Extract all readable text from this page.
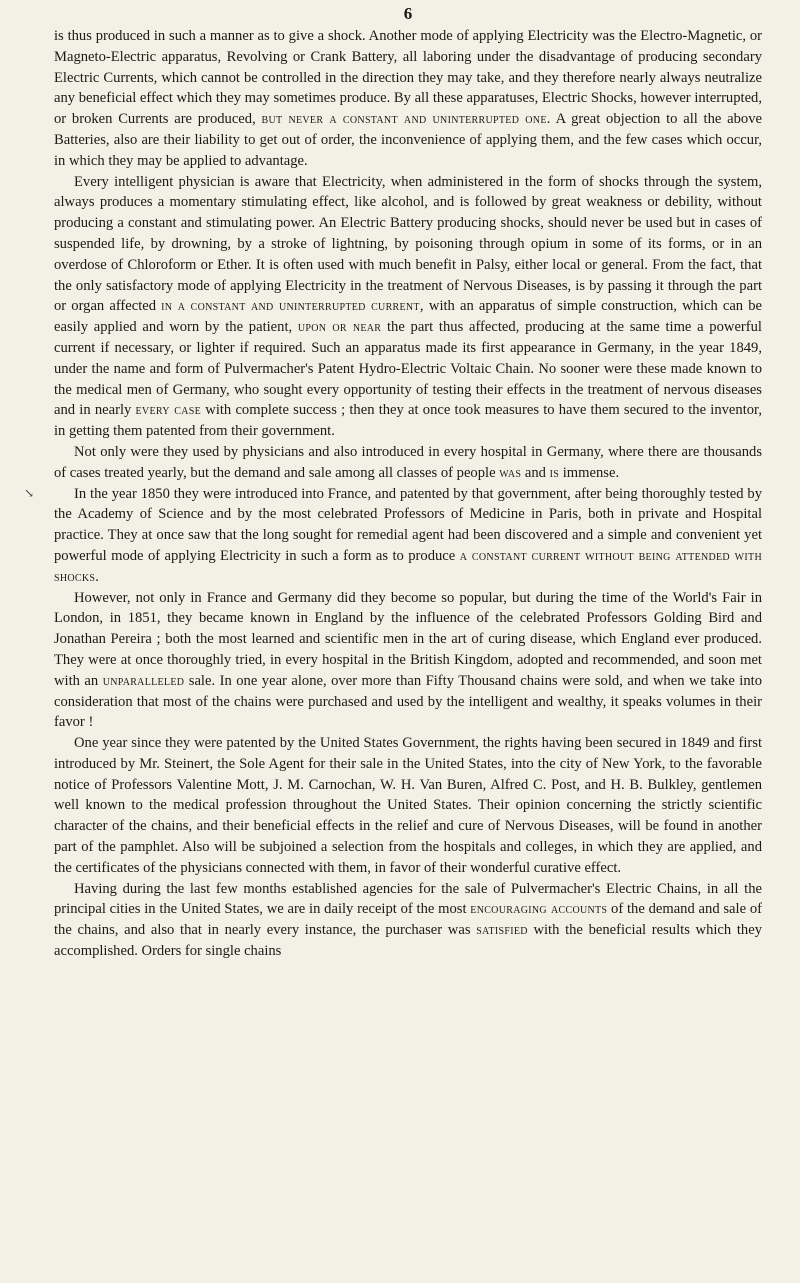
6
↘

is thus produced in such a manner as to give a shock. Another mode of applying Electricity was the Electro-Magnetic, or Magneto-Electric apparatus, Revolving or Crank Battery, all laboring under the disadvantage of producing secondary Electric Currents, which cannot be controlled in the direction they may take, and they therefore nearly always neutralize any beneficial effect which they may sometimes produce. By all these apparatuses, Electric Shocks, however interrupted, or broken Currents are produced, but never a constant and uninterrupted one. A great objection to all the above Batteries, also are their liability to get out of order, the inconvenience of applying them, and the few cases which occur, in which they may be applied to advantage.

Every intelligent physician is aware that Electricity, when administered in the form of shocks through the system, always produces a momentary stimulating effect, like alcohol, and is followed by great weakness or debility, without producing a constant and stimulating power. An Electric Battery producing shocks, should never be used but in cases of suspended life, by drowning, by a stroke of lightning, by poisoning through opium in some of its forms, or in an overdose of Chloroform or Ether. It is often used with much benefit in Palsy, either local or general. From the fact, that the only satisfactory mode of applying Electricity in the treatment of Nervous Diseases, is by passing it through the part or organ affected in a constant and uninterrupted current, with an apparatus of simple construction, which can be easily applied and worn by the patient, upon or near the part thus affected, producing at the same time a powerful current if necessary, or lighter if required. Such an apparatus made its first appearance in Germany, in the year 1849, under the name and form of Pulvermacher's Patent Hydro-Electric Voltaic Chain. No sooner were these made known to the medical men of Germany, who sought every opportunity of testing their effects in the treatment of nervous diseases and in nearly every case with complete success ; then they at once took measures to have them secured to the inventor, in getting them patented from their government.

Not only were they used by physicians and also introduced in every hospital in Germany, where there are thousands of cases treated yearly, but the demand and sale among all classes of people was and is immense.

In the year 1850 they were introduced into France, and patented by that government, after being thoroughly tested by the Academy of Science and by the most celebrated Professors of Medicine in Paris, both in private and Hospital practice. They at once saw that the long sought for remedial agent had been discovered and a simple and convenient yet powerful mode of applying Electricity in such a form as to produce a constant current without being attended with shocks.

However, not only in France and Germany did they become so popular, but during the time of the World's Fair in London, in 1851, they became known in England by the influence of the celebrated Professors Golding Bird and Jonathan Pereira ; both the most learned and scientific men in the art of curing disease, which England ever produced. They were at once thoroughly tried, in every hospital in the British Kingdom, adopted and recommended, and soon met with an unparalleled sale. In one year alone, over more than Fifty Thousand chains were sold, and when we take into consideration that most of the chains were purchased and used by the intelligent and wealthy, it speaks volumes in their favor !

One year since they were patented by the United States Government, the rights having been secured in 1849 and first introduced by Mr. Steinert, the Sole Agent for their sale in the United States, into the city of New York, to the favorable notice of Professors Valentine Mott, J. M. Carnochan, W. H. Van Buren, Alfred C. Post, and H. B. Bulkley, gentlemen well known to the medical profession throughout the United States. Their opinion concerning the strictly scientific character of the chains, and their beneficial effects in the relief and cure of Nervous Diseases, will be found in another part of the pamphlet. Also will be subjoined a selection from the hospitals and colleges, in which they are applied, and the certificates of the physicians connected with them, in favor of their wonderful curative effect.

Having during the last few months established agencies for the sale of Pulvermacher's Electric Chains, in all the principal cities in the United States, we are in daily receipt of the most encouraging accounts of the demand and sale of the chains, and also that in nearly every instance, the purchaser was satisfied with the beneficial results which they accomplished. Orders for single chains
